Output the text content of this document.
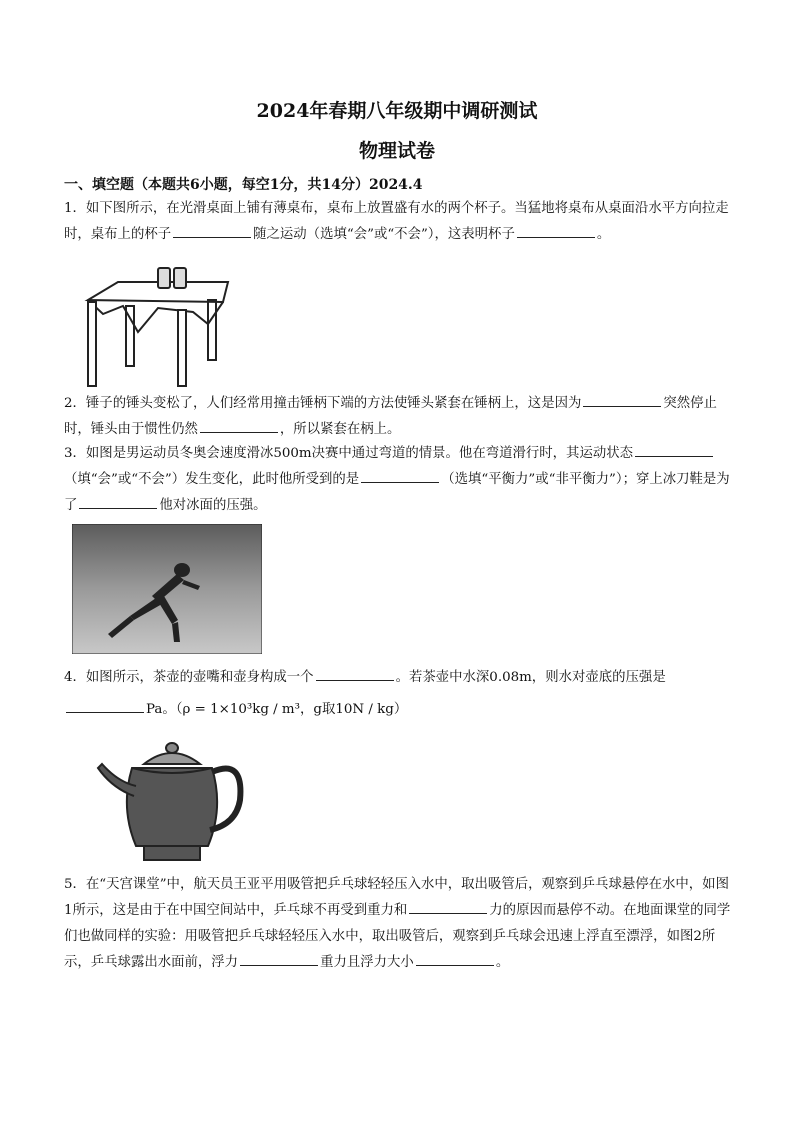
2024年春期八年级期中调研测试
物理试卷
一、填空题（本题共6小题，每空1分，共14分）2024.4
1．如下图所示，在光滑桌面上铺有薄桌布，桌布上放置盛有水的两个杯子。当猛地将桌布从桌面沿水平方向拉走时，桌布上的杯子	随之运动（选填“会”或“不会”），这表明杯子	。
2．锤子的锤头变松了，人们经常用撞击锤柄下端的方法使锤头紧套在锤柄上，这是因为	突然停止时，锤头由于惯性仍然	，所以紧套在柄上。
3．如图是男运动员冬奥会速度滑冰500m决赛中通过弯道的情景。他在弯道滑行时，其运动状态（填“会”或“不会”）发生变化，此时他所受到的是	（选填“平衡力”或“非平衡力”）；穿上冰刀鞋是为了	他对冰面的压强。
4．如图所示，茶壶的壶嘴和壶身构成一个	。若茶壶中水深0.08m，则水对壶底的压强是
Pa。（ρ = 1×10³kg / m³，g取10N / kg）
5．在“天宫课堂”中，航天员王亚平用吸管把乒乓球轻轻压入水中，取出吸管后，观察到乒乓球悬停在水中，如图1所示，这是由于在中国空间站中，乒乓球不再受到重力和	力的原因而悬停不动。在地面课堂的同学们也做同样的实验：用吸管把乒乓球轻轻压入水中，取出吸管后，观察到乒乓球会迅速上浮直至漂浮，如图2所示，乒乓球露出水面前，浮力	重力且浮力大小	。
